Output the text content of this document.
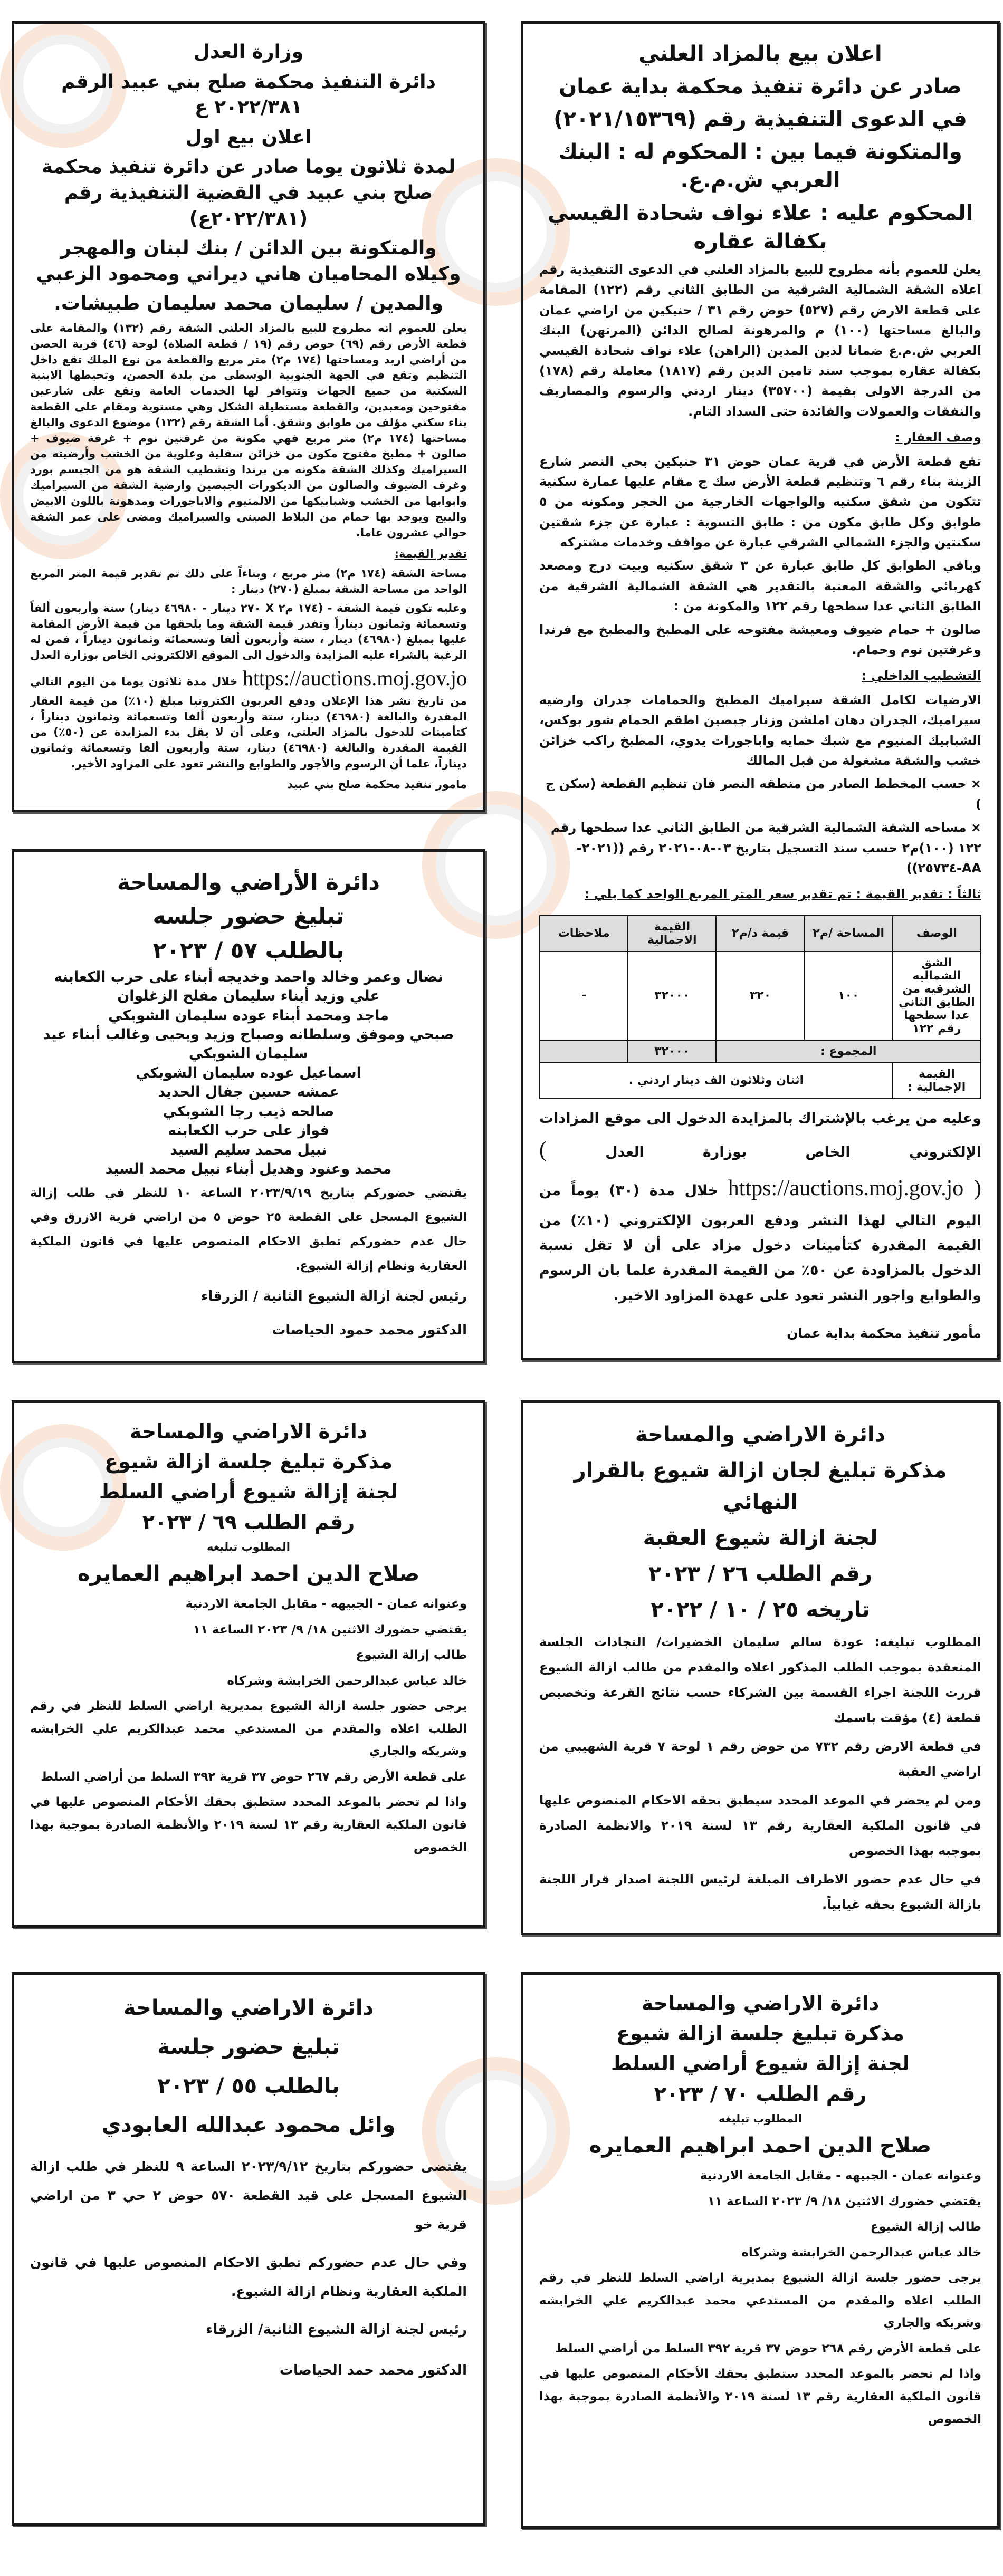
وزارة العدل
دائرة التنفيذ محكمة صلح بني عبيد الرقم ٢٠٢٢/٣٨١ ع
اعلان بيع اول
لمدة ثلاثون يوما صادر عن دائرة تنفيذ محكمة صلح بني عبيد في القضية التنفيذية رقم (٢٠٢٢/٣٨١ع)
والمتكونة بين الدائن / بنك لبنان والمهجر وكيلاه المحاميان هاني ديراني ومحمود الزعبي
والمدين / سليمان محمد سليمان طبيشات.
يعلن للعموم انه مطروح للبيع بالمزاد العلني الشقة رقم (١٣٢) والمقامة على قطعة الأرض رقم (٦٩) حوض رقم (١٩ / قطعة الصلاة) لوحة (٤٦) قرية الحصن من أراضي اربد ومساحتها (١٧٤ م٢) متر مربع والقطعة من نوع الملك تقع داخل التنظيم وتقع في الجهة الجنوبية الوسطى من بلدة الحصن، وتحيطها الابنية السكنية من جميع الجهات وتتوافر لها الخدمات العامة وتقع على شارعين مفتوحين ومعبدين، والقطعة مستطيلة الشكل وهي مستوية ومقام على القطعة بناء سكني مؤلف من طوابق وشقق. أما الشقة رقم (١٣٢) موضوع الدعوى والبالغ مساحتها (١٧٤ م٢) متر مربع فهي مكونة من غرفتين نوم + غرفة ضيوف + صالون + مطبخ مفتوح مكون من خزائن سفلية وعلوية من الخشب وأرضيته من السيراميك وكذلك الشقة مكونه من برندا وتشطيب الشقة هو من الجبسم بورد وغرف الضيوف والصالون من الديكورات الجبصين وارضية الشقة من السيراميك وابوابها من الخشب وشبابيكها من الالمنيوم والاباجورات ومدهونة باللون الابيض والبيج ويوجد بها حمام من البلاط الصيني والسيراميك ومضى على عمر الشقة حوالي عشرون عاما.
تقدير القيمة:
مساحة الشقة (١٧٤ م٢) متر مربع ، وبناءاً على ذلك تم تقدير قيمة المتر المربع الواحد من مساحة الشقة بمبلغ (٢٧٠) دينار :
وعليه تكون قيمة الشقة - (١٧٤ م٢ X ٢٧٠ دينار - ٤٦٩٨٠ دينار) ستة وأربعون ألفاً وتسعمائة وثمانون ديناراً وتقدر قيمة الشقة وما يلحقها من قيمة الأرض المقامة عليها بمبلغ (٤٦٩٨٠) دينار ، ستة وأربعون ألفا وتسعمائة وثمانون ديناراً ، فمن له الرغبة بالشراء عليه المزايدة والدخول الى الموقع الالكتروني الخاص بوزارة العدل https://auctions.moj.gov.jo خلال مدة ثلاثون يوما من اليوم التالي من تاريخ نشر هذا الإعلان ودفع العربون الكترونيا مبلغ (١٠٪) من قيمة العقار المقدرة والبالغة (٤٦٩٨٠) دينار، ستة وأربعون ألفا وتسعمائة وثمانون ديناراً ، كتأمينات للدخول بالمزاد العلني، وعلى أن لا يقل بدء المزايدة عن (٥٠٪) من القيمة المقدرة والبالغة (٤٦٩٨٠) دينار، ستة وأربعون ألفا وتسعمائة وثمانون ديناراً، علما أن الرسوم والأجور والطوابع والنشر تعود على المزاود الأخير.
مامور تنفيذ محكمة صلح بني عبيد
دائرة الأراضي والمساحة
تبليغ حضور جلسه
بالطلب ٥٧ / ٢٠٢٣
نضال وعمر وخالد واحمد وخديجه أبناء على حرب الكعابنه
علي وزيد أبناء سليمان مفلح الزغلوان
ماجد ومحمد أبناء عوده سليمان الشوبكي
صبحي وموفق وسلطانه وصباح وزيد ويحيى وغالب أبناء عيد سليمان الشوبكي
اسماعيل عوده سليمان الشوبكي
عمشه حسين جفال الحديد
صالحه ذيب رجا الشوبكي
فواز على حرب الكعابنه
نبيل محمد سليم السيد
محمد وعنود وهديل أبناء نبيل محمد السيد
يقتضي حضوركم بتاريخ ٢٠٢٣/٩/١٩ الساعة ١٠ للنظر في طلب إزالة الشيوع المسجل على القطعة ٢٥ حوض ٥ من اراضي قرية الازرق وفي حال عدم حضوركم تطبق الاحكام المنصوص عليها في قانون الملكية العقارية ونظام إزالة الشيوع.
رئيس لجنة ازالة الشيوع الثانية / الزرقاء
الدكتور محمد حمود الحياصات
اعلان بيع بالمزاد العلني
صادر عن دائرة تنفيذ محكمة بداية عمان
في الدعوى التنفيذية رقم (٢٠٢١/١٥٣٦٩)
والمتكونة فيما بين : المحكوم له : البنك العربي ش.م.ع.
المحكوم عليه : علاء نواف شحادة القيسي بكفالة عقاره
يعلن للعموم بأنه مطروح للبيع بالمزاد العلني في الدعوى التنفيذية رقم اعلاه الشقة الشمالية الشرقية من الطابق الثاني رقم (١٢٢) المقامة على قطعة الارض رقم (٥٢٧) حوض رقم ٣١ / حنيكين من اراضي عمان والبالغ مساحتها (١٠٠) م والمرهونة لصالح الدائن (المرتهن) البنك العربي ش.م.ع ضمانا لدين المدين (الراهن) علاء نواف شحادة القيسي بكفالة عقاره بموجب سند تامين الدين رقم (١٨١٧) معاملة رقم (١٧٨) من الدرجة الاولى بقيمة (٣٥٧٠٠) دينار اردني والرسوم والمصاريف والنفقات والعمولات والفائدة حتى السداد التام.
وصف العقار :
تقع قطعة الأرض في قرية عمان حوض ٣١ حنيكين بحي النصر شارع الزينة بناء رقم ٦ وتنظيم قطعة الأرض سك ج مقام عليها عمارة سكنية تتكون من شقق سكنيه والواجهات الخارجية من الحجر ومكونه من ٥ طوابق وكل طابق مكون من : طابق التسوية : عبارة عن جزء شقتين سكنتين والجزء الشمالي الشرقي عبارة عن مواقف وخدمات مشتركه
وباقي الطوابق كل طابق عبارة عن ٣ شقق سكنيه وبيت درج ومصعد كهربائي والشقة المعنية بالتقدير هي الشقة الشمالية الشرقية من الطابق الثاني عدا سطحها رقم ١٢٢ والمكونة من :
صالون + حمام ضيوف ومعيشة مفتوحه على المطبخ والمطبخ مع فرندا وغرفتين نوم وحمام.
التشطيب الداخلي :
الارضيات لكامل الشقة سيراميك المطبخ والحمامات جدران وارضيه سيراميك، الجدران دهان املشن وزنار جبصين اطقم الحمام شور بوكس، الشبابيك المنيوم مع شبك حمايه واباجورات يدوي، المطبخ راكب خزائن خشب والشقة مشغولة من قبل المالك
× حسب المخطط الصادر من منطقه النصر فان تنظيم القطعة (سكن ج )
× مساحه الشقة الشمالية الشرقية من الطابق الثاني عدا سطحها رقم ١٢٢ (١٠٠)م٢ حسب سند التسجيل بتاريخ ٠٣-٠٨-٢٠٢١ رقم ((٢٠٢١-AA-٢٥٧٣٤))
ثالثاً : تقدير القيمة : تم تقدير سعر المتر المربع الواحد كما يلي :
الوصف	المساحة /م٢	قيمة د/م٢	القيمة الاجمالية	ملاحظات
الشق الشماليه الشرقيه من الطابق الثاني عدا سطحها رقم ١٢٢	١٠٠	٣٢٠	٣٢٠٠٠	-
المجموع :			٣٢٠٠٠	
القيمة الإجمالية :	اثنان وثلاثون الف دينار اردني .			
وعليه من يرغب بالإشتراك بالمزايدة الدخول الى موقع المزادات الإلكتروني الخاص بوزارة العدل ( https://auctions.moj.gov.jo ) خلال مدة (٣٠) يوماً من اليوم التالي لهذا النشر ودفع العربون الإلكتروني (١٠٪) من القيمة المقدرة كتأمينات دخول مزاد على أن لا تقل نسبة الدخول بالمزاودة عن ٥٠٪ من القيمة المقدرة علما بان الرسوم والطوابع واجور النشر تعود على عهدة المزاود الاخير.
مأمور تنفيذ محكمة بداية عمان
دائرة الاراضي والمساحة
مذكرة تبليغ جلسة ازالة شيوع
لجنة إزالة شيوع أراضي السلط
رقم الطلب ٦٩ / ٢٠٢٣
المطلوب تبليغه
صلاح الدين احمد ابراهيم العمايره
وعنوانه عمان - الجبيهه - مقابل الجامعة الاردنية
يقتضي حضورك الاثنين ١٨/ ٩/ ٢٠٢٣ الساعة ١١
طالب إزالة الشيوع
خالد عباس عبدالرحمن الخرابشة وشركاه
يرجى حضور جلسة ازالة الشيوع بمديرية اراضي السلط للنظر في رقم الطلب اعلاه والمقدم من المستدعي محمد عبدالكريم علي الخرابشه وشريكه والجاري
على قطعة الأرض رقم ٢٦٧ حوض ٣٧ قرية ٣٩٢ السلط من أراضي السلط
واذا لم تحضر بالموعد المحدد ستطبق بحقك الأحكام المنصوص عليها في قانون الملكية العقارية رقم ١٣ لسنة ٢٠١٩ والأنظمة الصادرة بموجبة بهذا الخصوص
دائرة الاراضي والمساحة
مذكرة تبليغ لجان ازالة شيوع بالقرار النهائي
لجنة ازالة شيوع العقبة
رقم الطلب ٢٦ / ٢٠٢٣
تاريخه ٢٥ / ١٠ / ٢٠٢٢
المطلوب تبليغه: عودة سالم سليمان الخضيرات/ النجادات الجلسة المنعقدة بموجب الطلب المذكور اعلاه والمقدم من طالب ازالة الشيوع قررت اللجنة اجراء القسمة بين الشركاء حسب نتائج القرعة وتخصيص قطعة (٤) مؤقت باسمك
في قطعة الارض رقم ٧٣٢ من حوض رقم ١ لوحة ٧ قرية الشهيبي من اراضي العقبة
ومن لم يحضر في الموعد المحدد سيطبق بحقه الاحكام المنصوص عليها في قانون الملكية العقارية رقم ١٣ لسنة ٢٠١٩ والانظمة الصادرة بموجبه بهذا الخصوص
في حال عدم حضور الاطراف المبلغة لرئيس اللجنة اصدار قرار اللجنة بازالة الشيوع بحقه غيابياً.
دائرة الاراضي والمساحة
تبليغ حضور جلسة
بالطلب ٥٥ / ٢٠٢٣
وائل محمود عبدالله العابودي
يقتضى حضوركم بتاريخ ٢٠٢٣/٩/١٢ الساعة ٩ للنظر في طلب ازالة الشيوع المسجل على قيد القطعة ٥٧٠ حوض ٢ حي ٣ من اراضي قرية خو
وفي حال عدم حضوركم تطبق الاحكام المنصوص عليها في قانون الملكية العقارية ونظام ازالة الشيوع.
رئيس لجنة ازالة الشيوع الثانية/ الزرقاء
الدكتور محمد حمد الحياصات
دائرة الاراضي والمساحة
مذكرة تبليغ جلسة ازالة شيوع
لجنة إزالة شيوع أراضي السلط
رقم الطلب ٧٠ / ٢٠٢٣
المطلوب تبليغه
صلاح الدين احمد ابراهيم العمايره
وعنوانه عمان - الجبيهه - مقابل الجامعة الاردنية
يقتضي حضورك الاثنين ١٨/ ٩/ ٢٠٢٣ الساعة ١١
طالب إزالة الشيوع
خالد عباس عبدالرحمن الخرابشة وشركاه
يرجى حضور جلسة ازالة الشيوع بمديرية اراضي السلط للنظر في رقم الطلب اعلاه والمقدم من المستدعي محمد عبدالكريم علي الخرابشه وشريكه والجاري
على قطعة الأرض رقم ٢٦٨ حوض ٣٧ قرية ٣٩٢ السلط من أراضي السلط
واذا لم تحضر بالموعد المحدد ستطبق بحقك الأحكام المنصوص عليها في قانون الملكية العقارية رقم ١٣ لسنة ٢٠١٩ والأنظمة الصادرة بموجبة بهذا الخصوص
